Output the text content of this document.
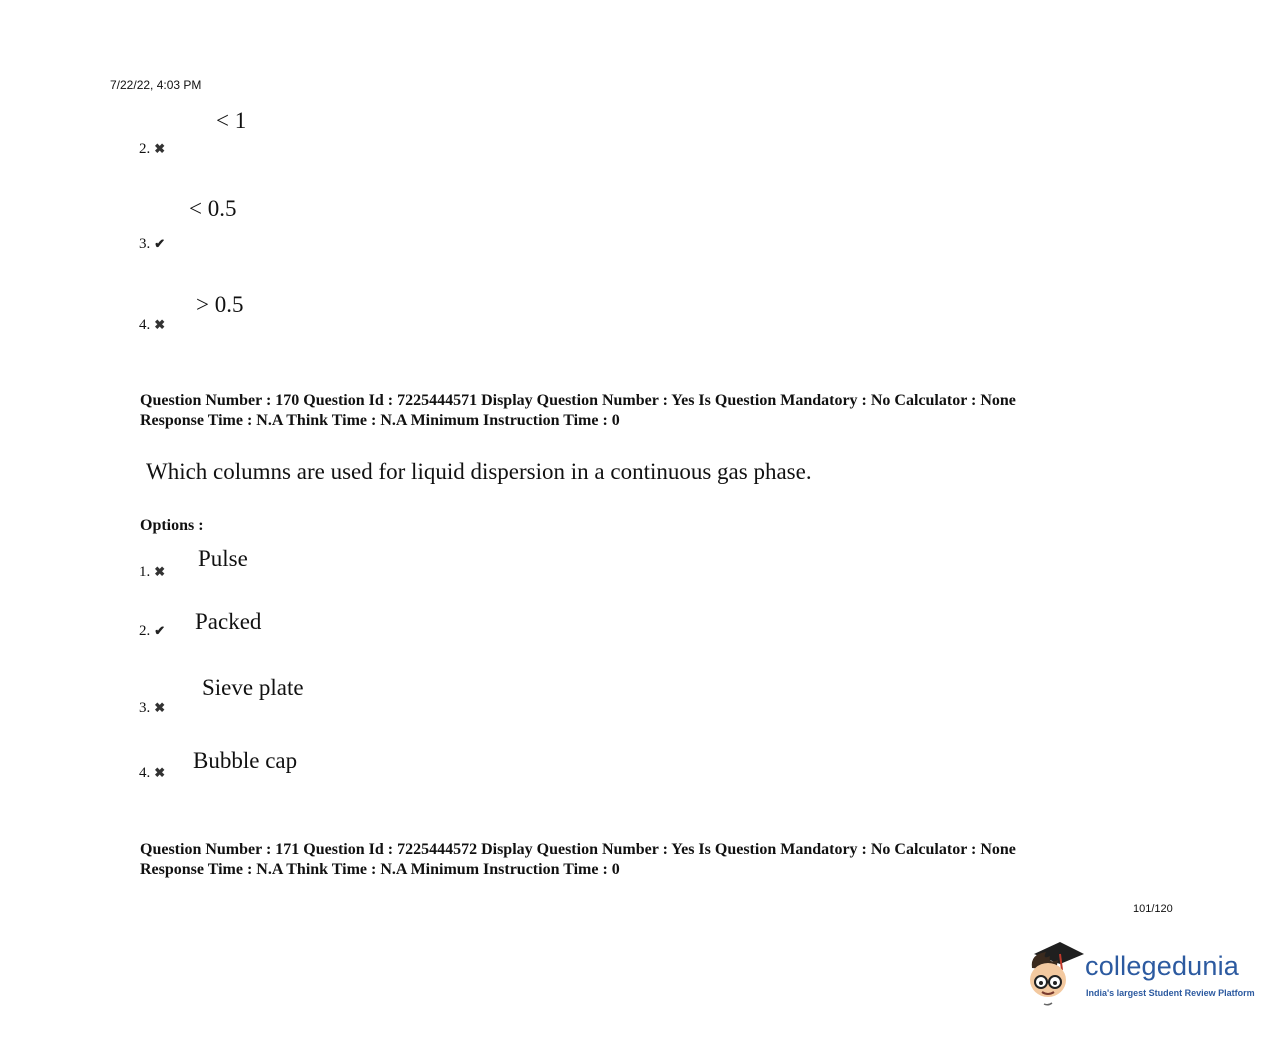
7/22/22, 4:03 PM
< 1
2. ✖
< 0.5
3. ✔
> 0.5
4. ✖
Question Number : 170 Question Id : 7225444571 Display Question Number : Yes Is Question Mandatory : No Calculator : None
Response Time : N.A Think Time : N.A Minimum Instruction Time : 0
Which columns are used for liquid dispersion in a continuous gas phase.
Options :
Pulse
1. ✖
Packed
2. ✔
Sieve plate
3. ✖
Bubble cap
4. ✖
Question Number : 171 Question Id : 7225444572 Display Question Number : Yes Is Question Mandatory : No Calculator : None
Response Time : N.A Think Time : N.A Minimum Instruction Time : 0
101/120
collegedunia
India's largest Student Review Platform
